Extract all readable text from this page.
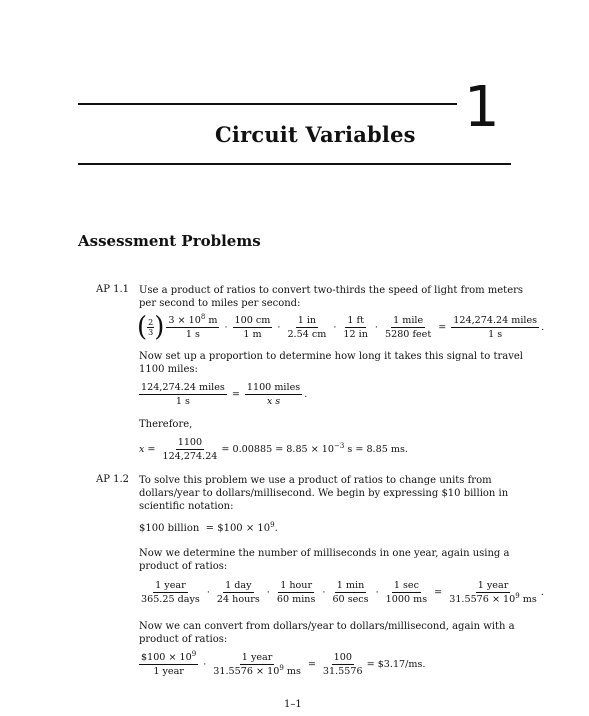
1
Circuit Variables
Assessment Problems
AP 1.1 Use a product of ratios to convert two-thirds the speed of light from meters
per second to miles per second:
( $\frac{2}{3}$ ) $\frac{3 \times 10^8 m}{1 s} \cdot \frac{100 cm}{1 m} \cdot \frac{1 in}{2.54 cm} \cdot \frac{1 ft}{12 in} \cdot \frac{\text{1 mile}}{\text{5280 feet}} = \frac{\text{124,274.24 miles}}{1 s}$ .
Now set up a proportion to determine how long it takes this signal to travel
1100 miles:
$\frac{\text{124,274.24 miles}}{1 s} = \frac{\text{1100 miles}}{\text{x s}}$ .
Therefore,
$x = \frac{1100}{124,274.24} = 0.00885 = 8.85 \times 10^{-3}$ s = 8.85 ms.
AP 1.2 To solve this problem we use a product of ratios to change units from
dollars/year to dollars/millisecond. We begin by expressing $10 billion in
scientific notation:
$100 billion = $100 × $10^9$.
Now we determine the number of milliseconds in one year, again using a
product of ratios:
$\frac{\text{1 year}}{\text{365.25 days}} \cdot \frac{\text{1 day}}{\text{24 hours}} \cdot \frac{\text{1 hour}}{60 \min s} \cdot \frac{1 \min}{60 \sec s} \cdot \frac{1 \sec}{1000 ms} = \frac{\text{1 year}}{31.5576 \times 10^9 ms}$ .
Now we can convert from dollars/year to dollars/millisecond, again with a
product of ratios:
$\frac{\$100 \times 10^9}{\text{1 year}} \cdot \frac{\text{1 year}}{31.5576 \times 10^9 ms} = \frac{100}{31.5576}$ = $3.17/ms.
1–1
